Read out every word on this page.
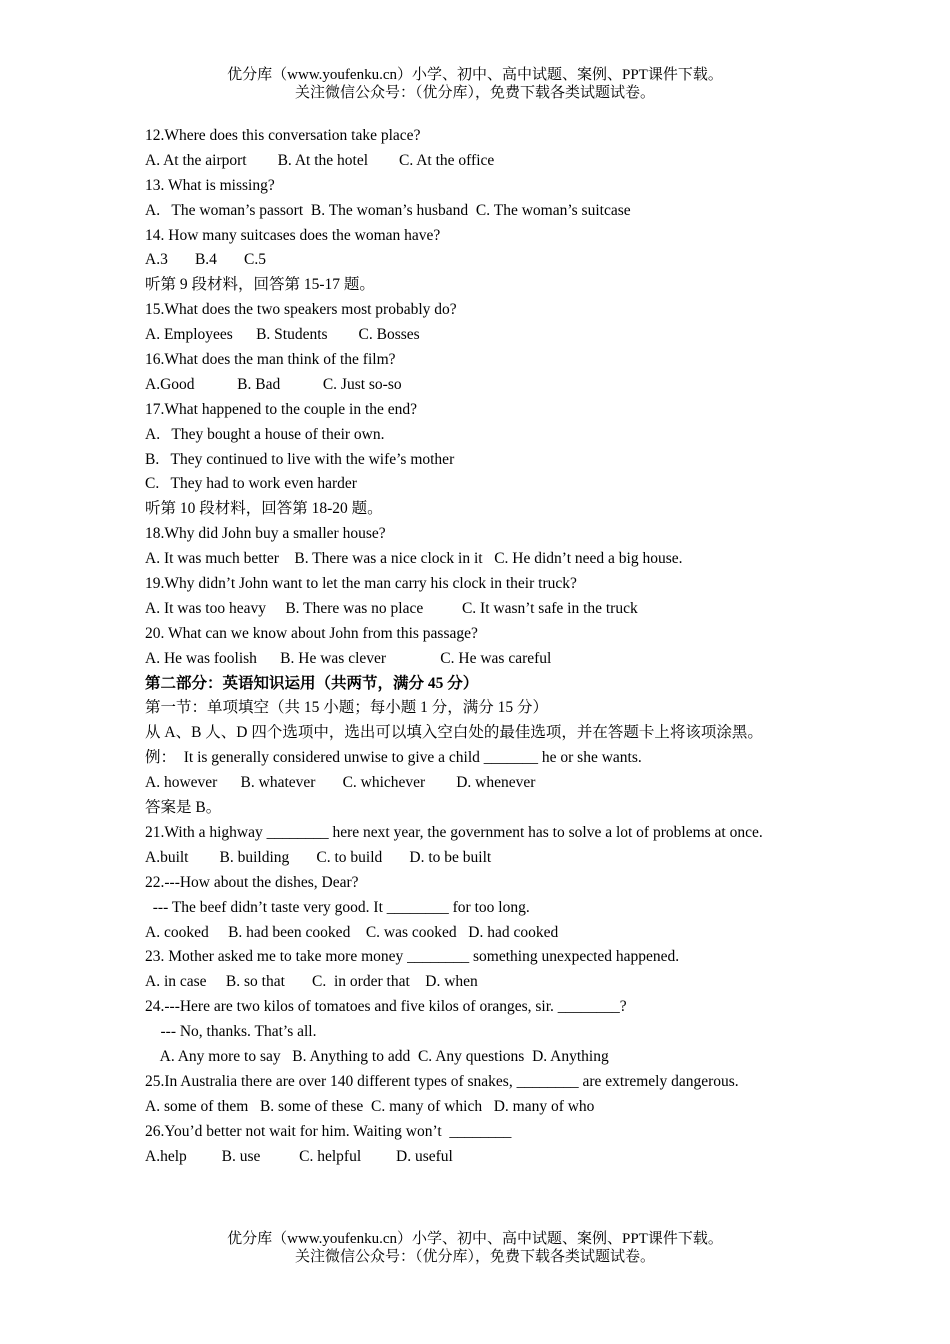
优分库（www.youfenku.cn）小学、初中、高中试题、案例、PPT课件下载。
关注微信公众号：（优分库），免费下载各类试题试卷。
12.Where does this conversation take place?
A. At the airport        B. At the hotel        C. At the office
13. What is missing?
A.   The woman’s passort  B. The woman’s husband  C. The woman’s suitcase
14. How many suitcases does the woman have?
A.3       B.4       C.5
听第 9 段材料，回答第 15-17 题。
15.What does the two speakers most probably do?
A. Employees      B. Students        C. Bosses
16.What does the man think of the film?
A.Good           B. Bad           C. Just so-so
17.What happened to the couple in the end?
A.   They bought a house of their own.
B.   They continued to live with the wife’s mother
C.   They had to work even harder
听第 10 段材料，回答第 18-20 题。
18.Why did John buy a smaller house?
A. It was much better    B. There was a nice clock in it   C. He didn’t need a big house.
19.Why didn’t John want to let the man carry his clock in their truck?
A. It was too heavy     B. There was no place          C. It wasn’t safe in the truck
20. What can we know about John from this passage?
A. He was foolish      B. He was clever              C. He was careful
第二部分：英语知识运用（共两节，满分 45 分）
第一节：单项填空（共 15 小题；每小题 1 分，满分 15 分）
从 A、B 人、D 四个选项中，选出可以填入空白处的最佳选项，并在答题卡上将该项涂黑。
例：  It is generally considered unwise to give a child _______ he or she wants.
A. however      B. whatever       C. whichever        D. whenever
答案是 B。
21.With a highway ________ here next year, the government has to solve a lot of problems at once.
A.built        B. building       C. to build       D. to be built
22.---How about the dishes, Dear?
--- The beef didn’t taste very good. It ________ for too long.
A. cooked     B. had been cooked    C. was cooked   D. had cooked
23. Mother asked me to take more money ________ something unexpected happened.
A. in case     B. so that       C.  in order that    D. when
24.---Here are two kilos of tomatoes and five kilos of oranges, sir. ________?
--- No, thanks. That’s all.
A. Any more to say   B. Anything to add  C. Any questions  D. Anything
25.In Australia there are over 140 different types of snakes, ________ are extremely dangerous.
A. some of them   B. some of these  C. many of which   D. many of who
26.You’d better not wait for him. Waiting won’t  ________
A.help         B. use          C. helpful         D. useful
优分库（www.youfenku.cn）小学、初中、高中试题、案例、PPT课件下载。
关注微信公众号：（优分库），免费下载各类试题试卷。
